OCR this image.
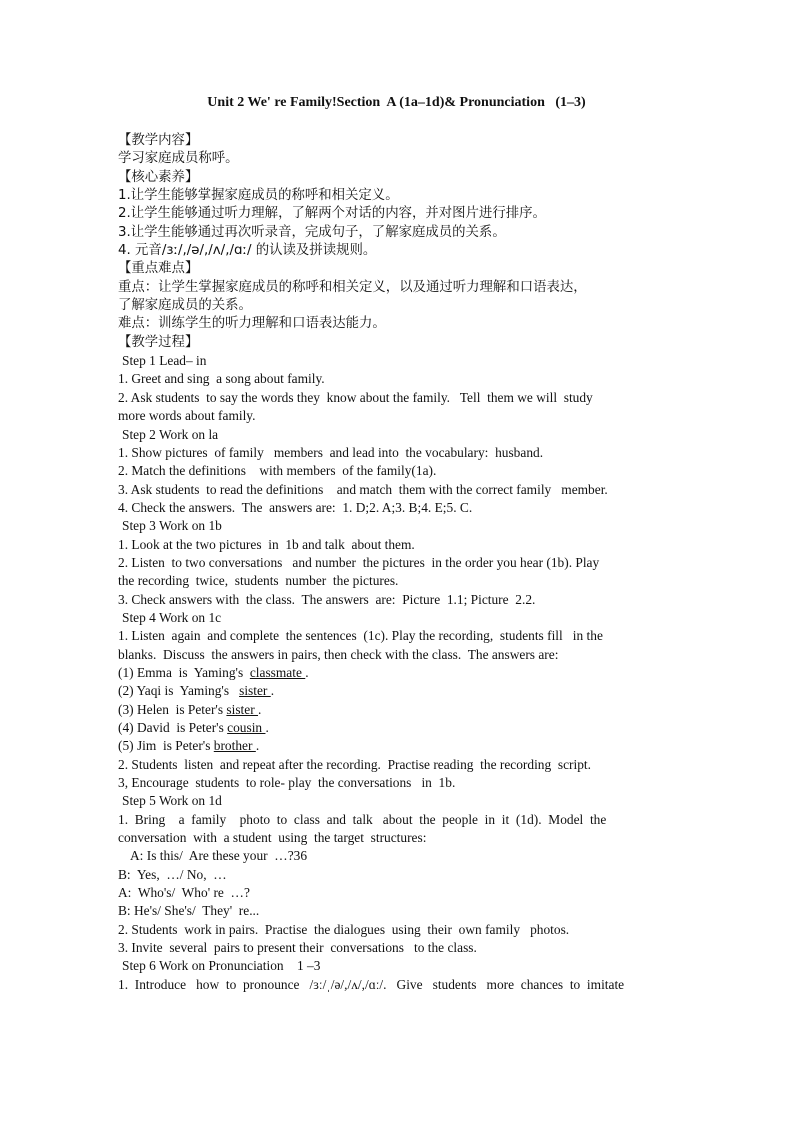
Unit 2 We' re Family!Section  A (1a–1d)& Pronunciation   (1–3)
【教学内容】
学习家庭成员称呼。
【核心素养】
1.让学生能够掌握家庭成员的称呼和相关定义。
2.让学生能够通过听力理解，了解两个对话的内容，并对图片进行排序。
3.让学生能够通过再次听录音，完成句子，了解家庭成员的关系。
4. 元音/ɜː/,/ə/,/ʌ/,/ɑː/ 的认读及拼读规则。
【重点难点】
重点：让学生掌握家庭成员的称呼和相关定义，以及通过听力理解和口语表达，
了解家庭成员的关系。
难点：训练学生的听力理解和口语表达能力。
【教学过程】
Step 1 Lead– in
1. Greet and sing  a song about family.
2. Ask students  to say the words they  know about the family.   Tell  them we will  study
more words about family.
Step 2 Work on la
1. Show pictures  of family   members  and lead into  the vocabulary:  husband.
2. Match the definitions    with members  of the family(1a).
3. Ask students  to read the definitions    and match  them with the correct family   member.
4. Check the answers.  The  answers are:  1. D;2. A;3. B;4. E;5. C.
Step 3 Work on 1b
1. Look at the two pictures  in  1b and talk  about them.
2. Listen  to two conversations   and number  the pictures  in the order you hear (1b). Play
the recording  twice,  students  number  the pictures.
3. Check answers with  the class.  The answers  are:  Picture  1.1; Picture  2.2.
Step 4 Work on 1c
1. Listen  again  and complete  the sentences  (1c). Play the recording,  students fill   in the
blanks.  Discuss  the answers in pairs, then check with the class.  The answers are:
(1) Emma  is  Yaming's  classmate .
(2) Yaqi is  Yaming's   sister .
(3) Helen  is Peter's sister .
(4) David  is Peter's cousin .
(5) Jim  is Peter's brother .
2. Students  listen  and repeat after the recording.  Practise reading  the recording  script.
3, Encourage  students  to role- play  the conversations   in  1b.
Step 5 Work on 1d
1.  Bring    a  family    photo  to  class  and  talk   about  the  people  in  it  (1d).  Model  the
conversation  with  a student  using  the target  structures:
A: Is this/  Are these your  …?36
B:  Yes,  …/ No,  …
A:  Who's/  Who' re  …?
B: He's/ She's/  They'  re...
2. Students  work in pairs.  Practise  the dialogues  using  their  own family   photos.
3. Invite  several  pairs to present their  conversations   to the class.
Step 6 Work on Pronunciation    1 –3
1.  Introduce   how  to  pronounce   /ɜː/ˌ/ə/,/ʌ/,/ɑː/.   Give   students   more  chances  to  imitate
